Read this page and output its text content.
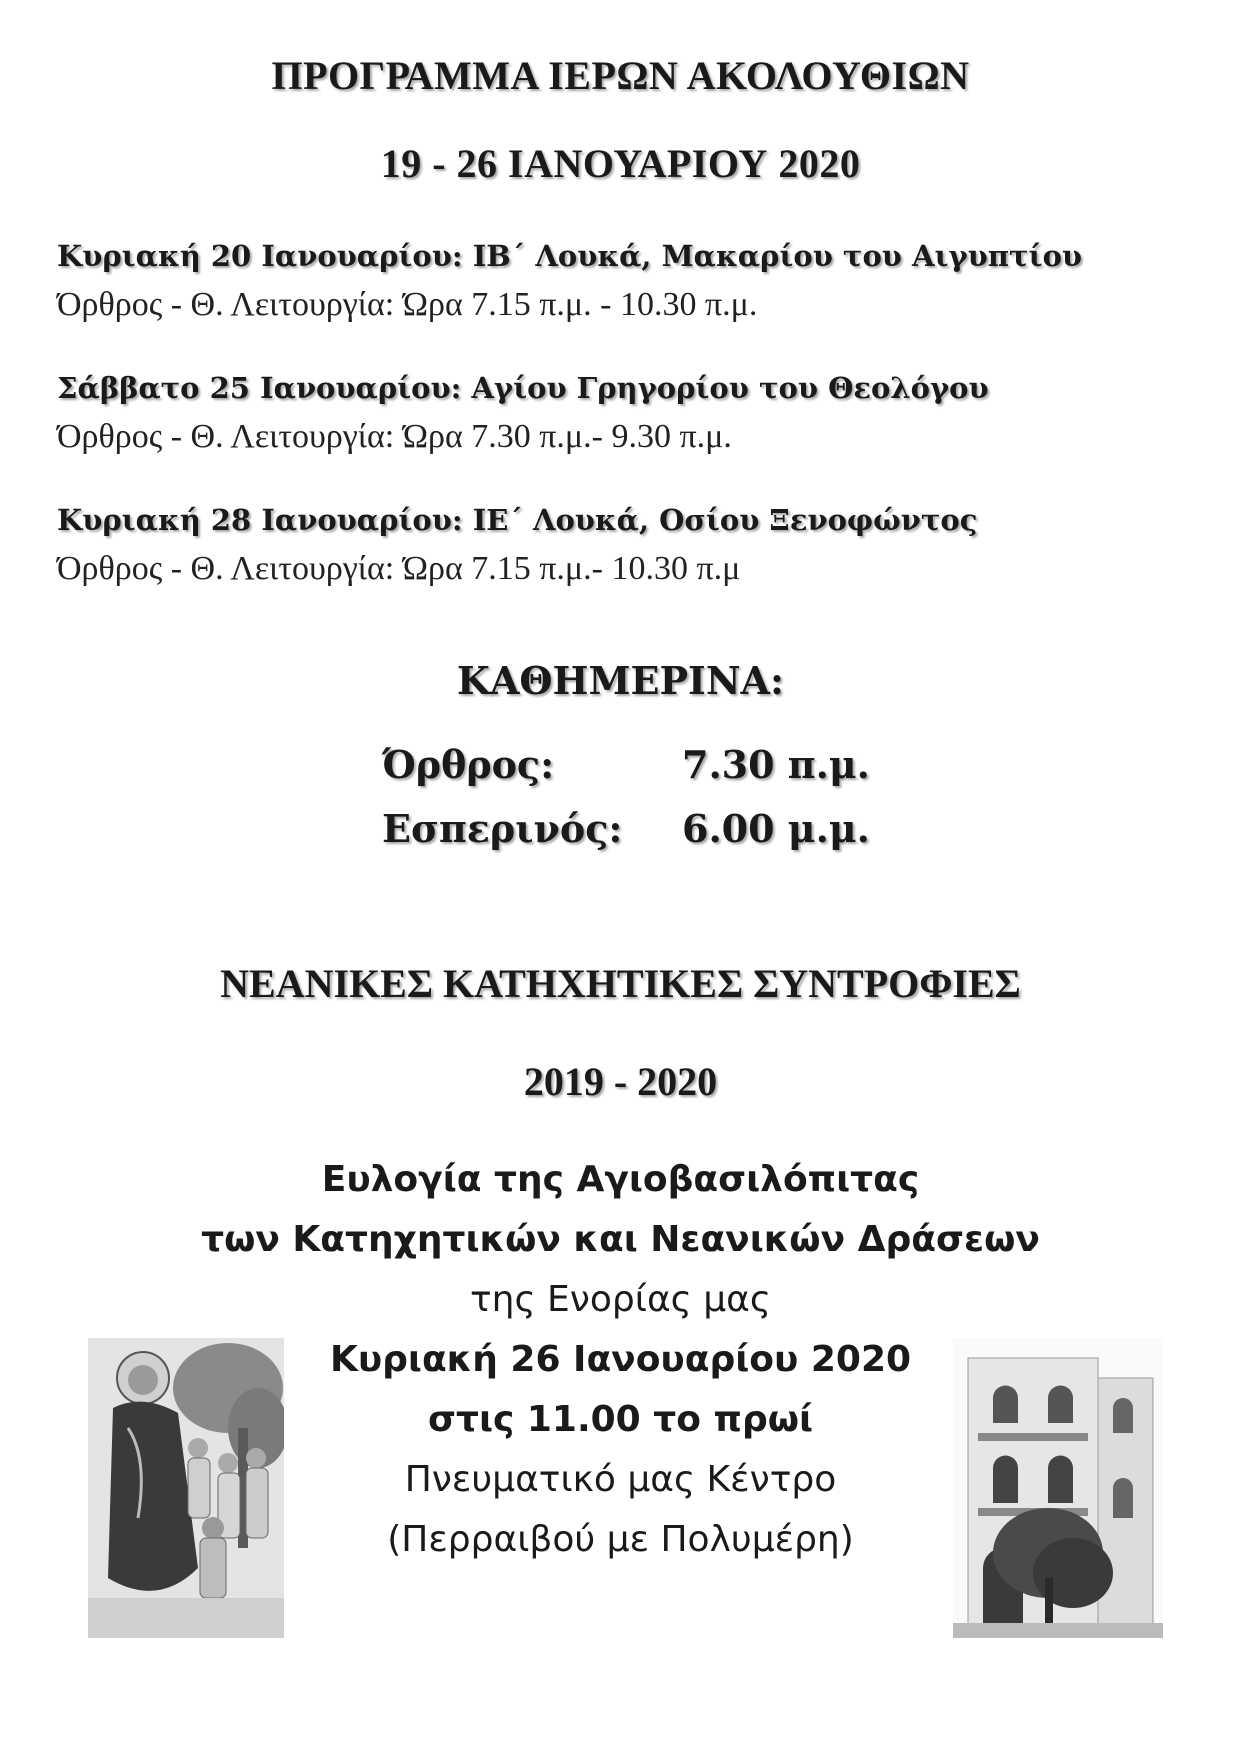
ΠΡΟΓΡΑΜΜΑ ΙΕΡΩΝ ΑΚΟΛΟΥΘΙΩΝ
19 - 26 ΙΑΝΟΥΑΡΙΟΥ 2020
Κυριακή 20 Ιανουαρίου: ΙΒ΄ Λουκά, Μακαρίου του Αιγυπτίου
Όρθρος - Θ. Λειτουργία: Ώρα 7.15 π.μ. - 10.30 π.μ.
Σάββατο 25 Ιανουαρίου: Αγίου Γρηγορίου του Θεολόγου
Όρθρος - Θ. Λειτουργία: Ώρα 7.30 π.μ.- 9.30 π.μ.
Κυριακή 28 Ιανουαρίου: ΙΕ΄ Λουκά, Οσίου Ξενοφώντος
Όρθρος - Θ. Λειτουργία: Ώρα 7.15 π.μ.- 10.30 π.μ
ΚΑΘΗΜΕΡΙΝΑ:
Όρθρος:	7.30 π.μ.
Εσπερινός: 6.00 μ.μ.
ΝΕΑΝΙΚΕΣ ΚΑΤΗΧΗΤΙΚΕΣ ΣΥΝΤΡΟΦΙΕΣ
2019 - 2020
Ευλογία της Αγιοβασιλόπιτας
των Κατηχητικών και Νεανικών Δράσεων
της Ενορίας μας
Κυριακή 26 Ιανουαρίου 2020
στις 11.00 το πρωί
Πνευματικό μας Κέντρο
(Περραιβού με Πολυμέρη)
